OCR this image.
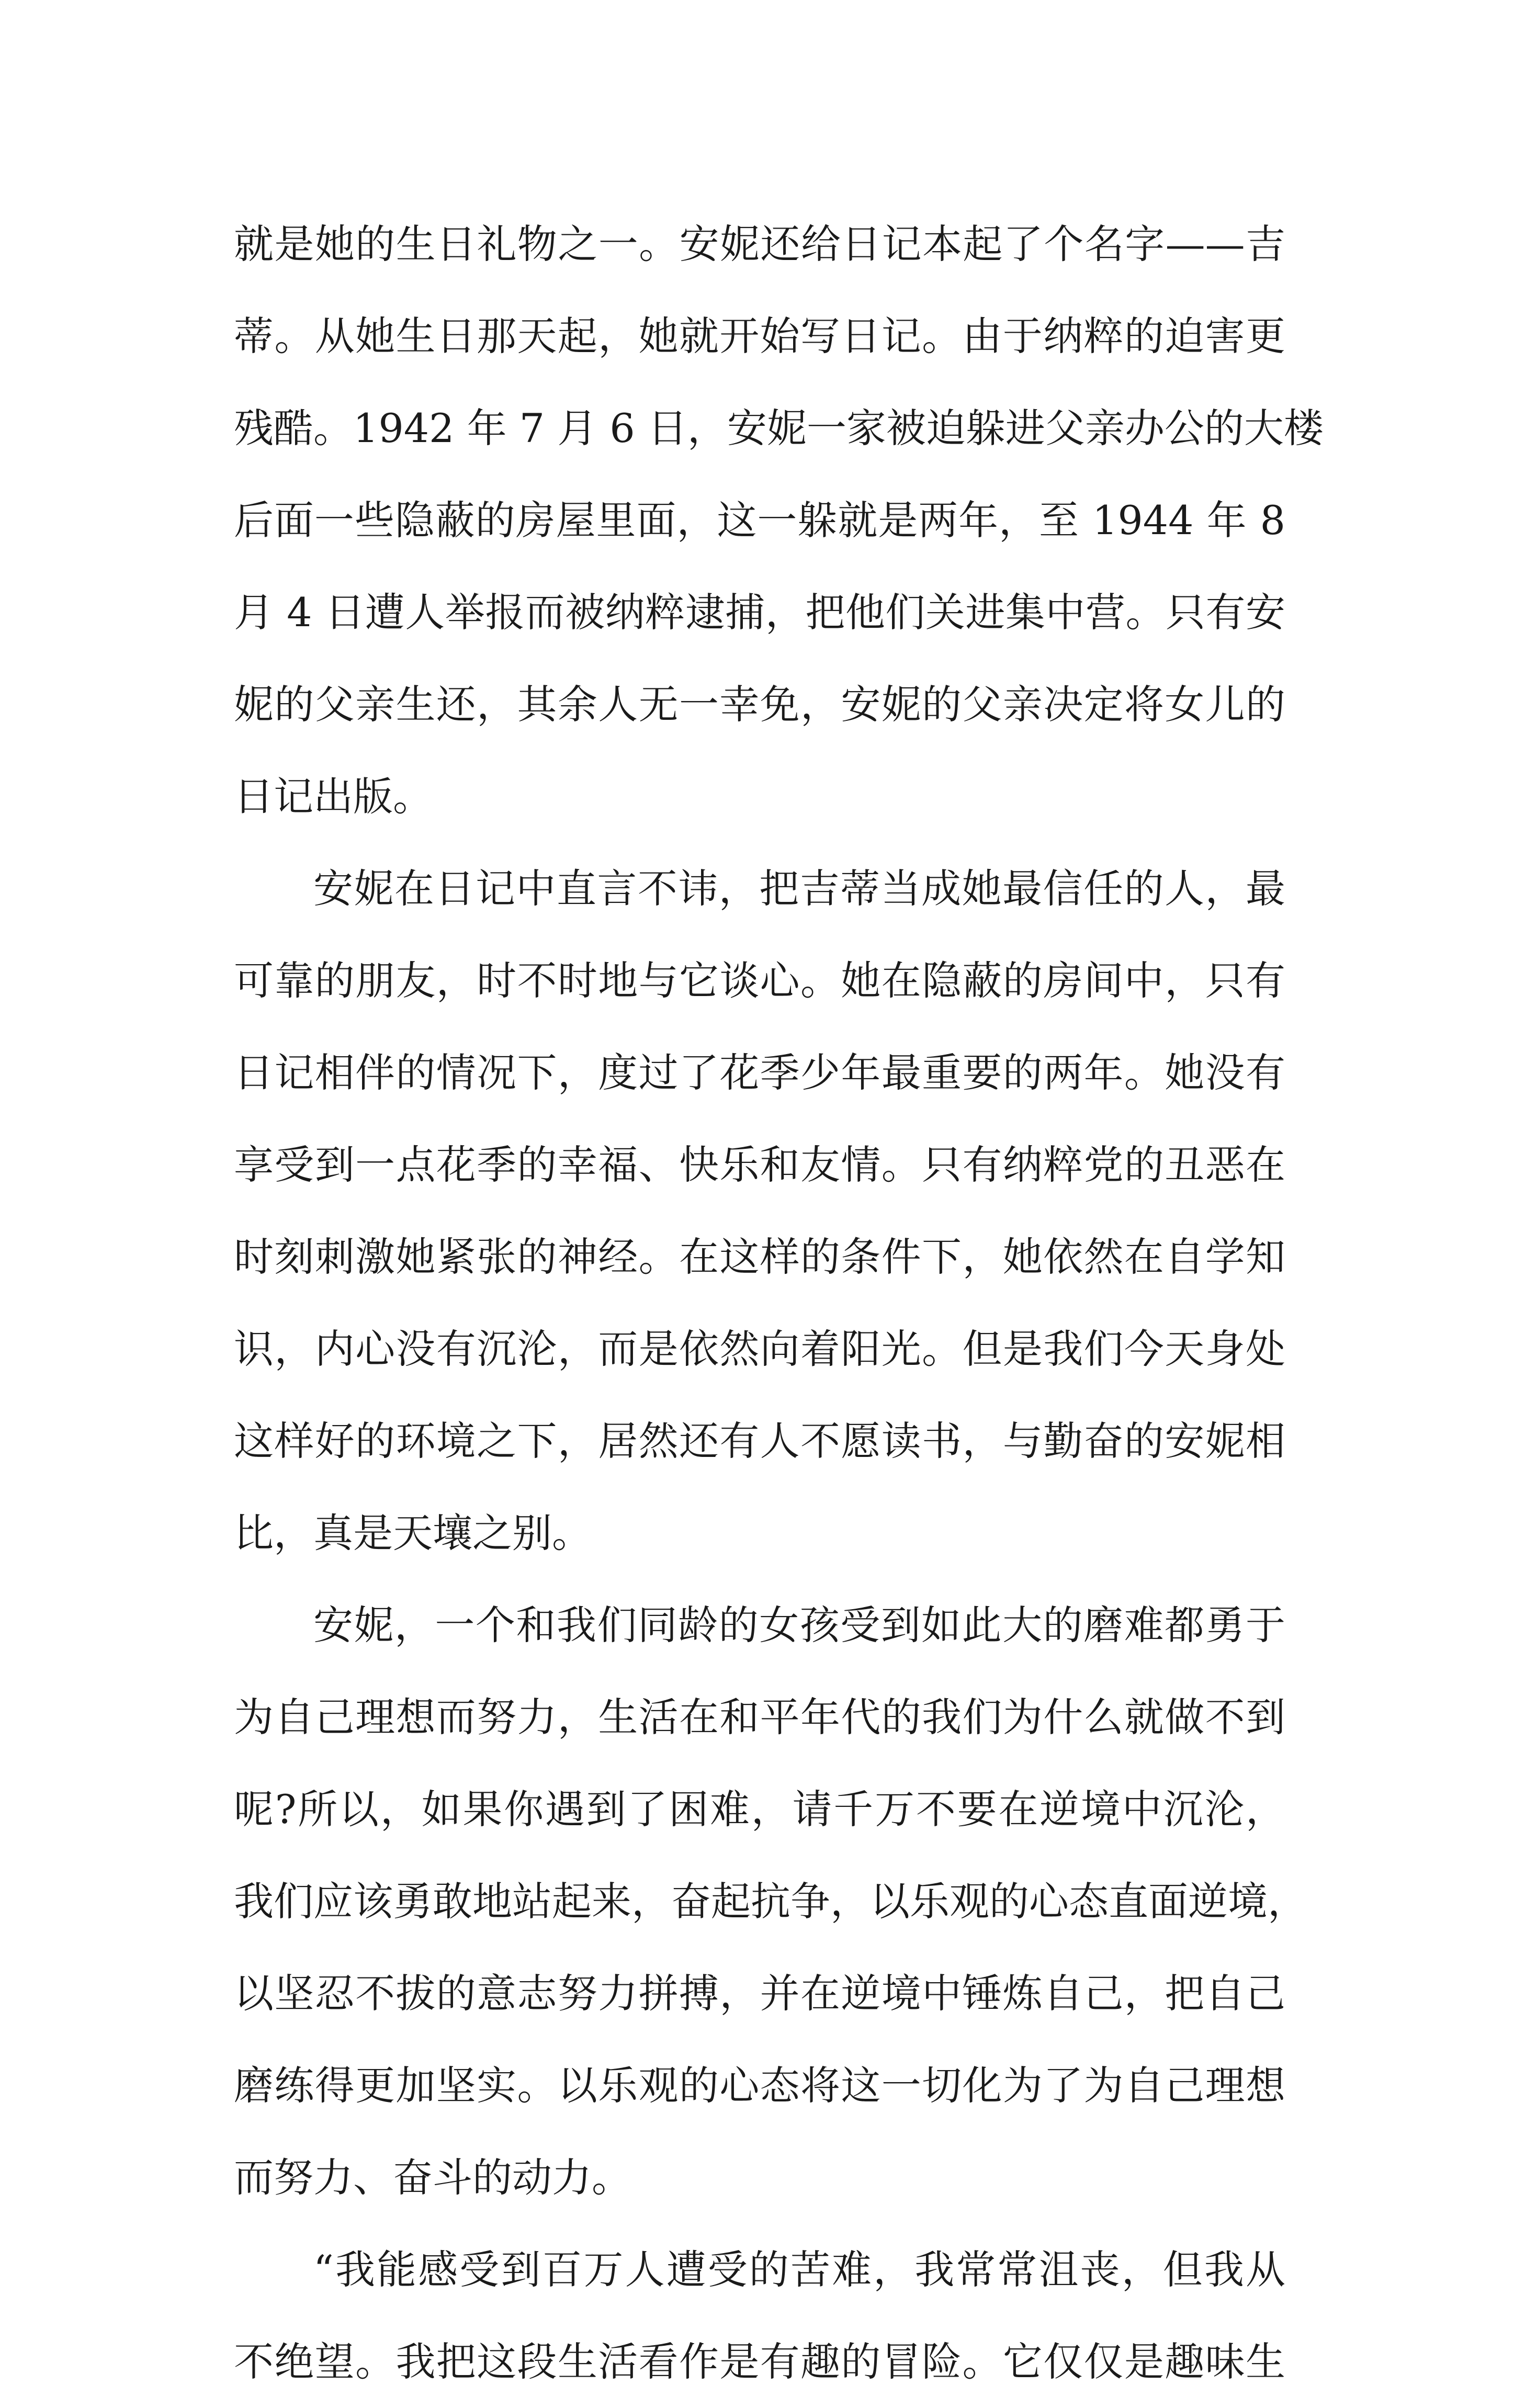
就是她的生日礼物之一。安妮还给日记本起了个名字——吉
蒂。从她生日那天起，她就开始写日记。由于纳粹的迫害更
残酷。1942 年 7 月 6 日，安妮一家被迫躲进父亲办公的大楼
后面一些隐蔽的房屋里面，这一躲就是两年，至 1944 年 8
月 4 日遭人举报而被纳粹逮捕，把他们关进集中营。只有安
妮的父亲生还，其余人无一幸免，安妮的父亲决定将女儿的
日记出版。
安妮在日记中直言不讳，把吉蒂当成她最信任的人，最
可靠的朋友，时不时地与它谈心。她在隐蔽的房间中，只有
日记相伴的情况下，度过了花季少年最重要的两年。她没有
享受到一点花季的幸福、快乐和友情。只有纳粹党的丑恶在
时刻刺激她紧张的神经。在这样的条件下，她依然在自学知
识，内心没有沉沦，而是依然向着阳光。但是我们今天身处
这样好的环境之下，居然还有人不愿读书，与勤奋的安妮相
比，真是天壤之别。
安妮，一个和我们同龄的女孩受到如此大的磨难都勇于
为自己理想而努力，生活在和平年代的我们为什么就做不到
呢?所以，如果你遇到了困难，请千万不要在逆境中沉沦，
我们应该勇敢地站起来，奋起抗争，以乐观的心态直面逆境，
以坚忍不拔的意志努力拼搏，并在逆境中锤炼自己，把自己
磨练得更加坚实。以乐观的心态将这一切化为了为自己理想
而努力、奋斗的动力。
“我能感受到百万人遭受的苦难，我常常沮丧，但我从
不绝望。我把这段生活看作是有趣的冒险。它仅仅是趣味生
